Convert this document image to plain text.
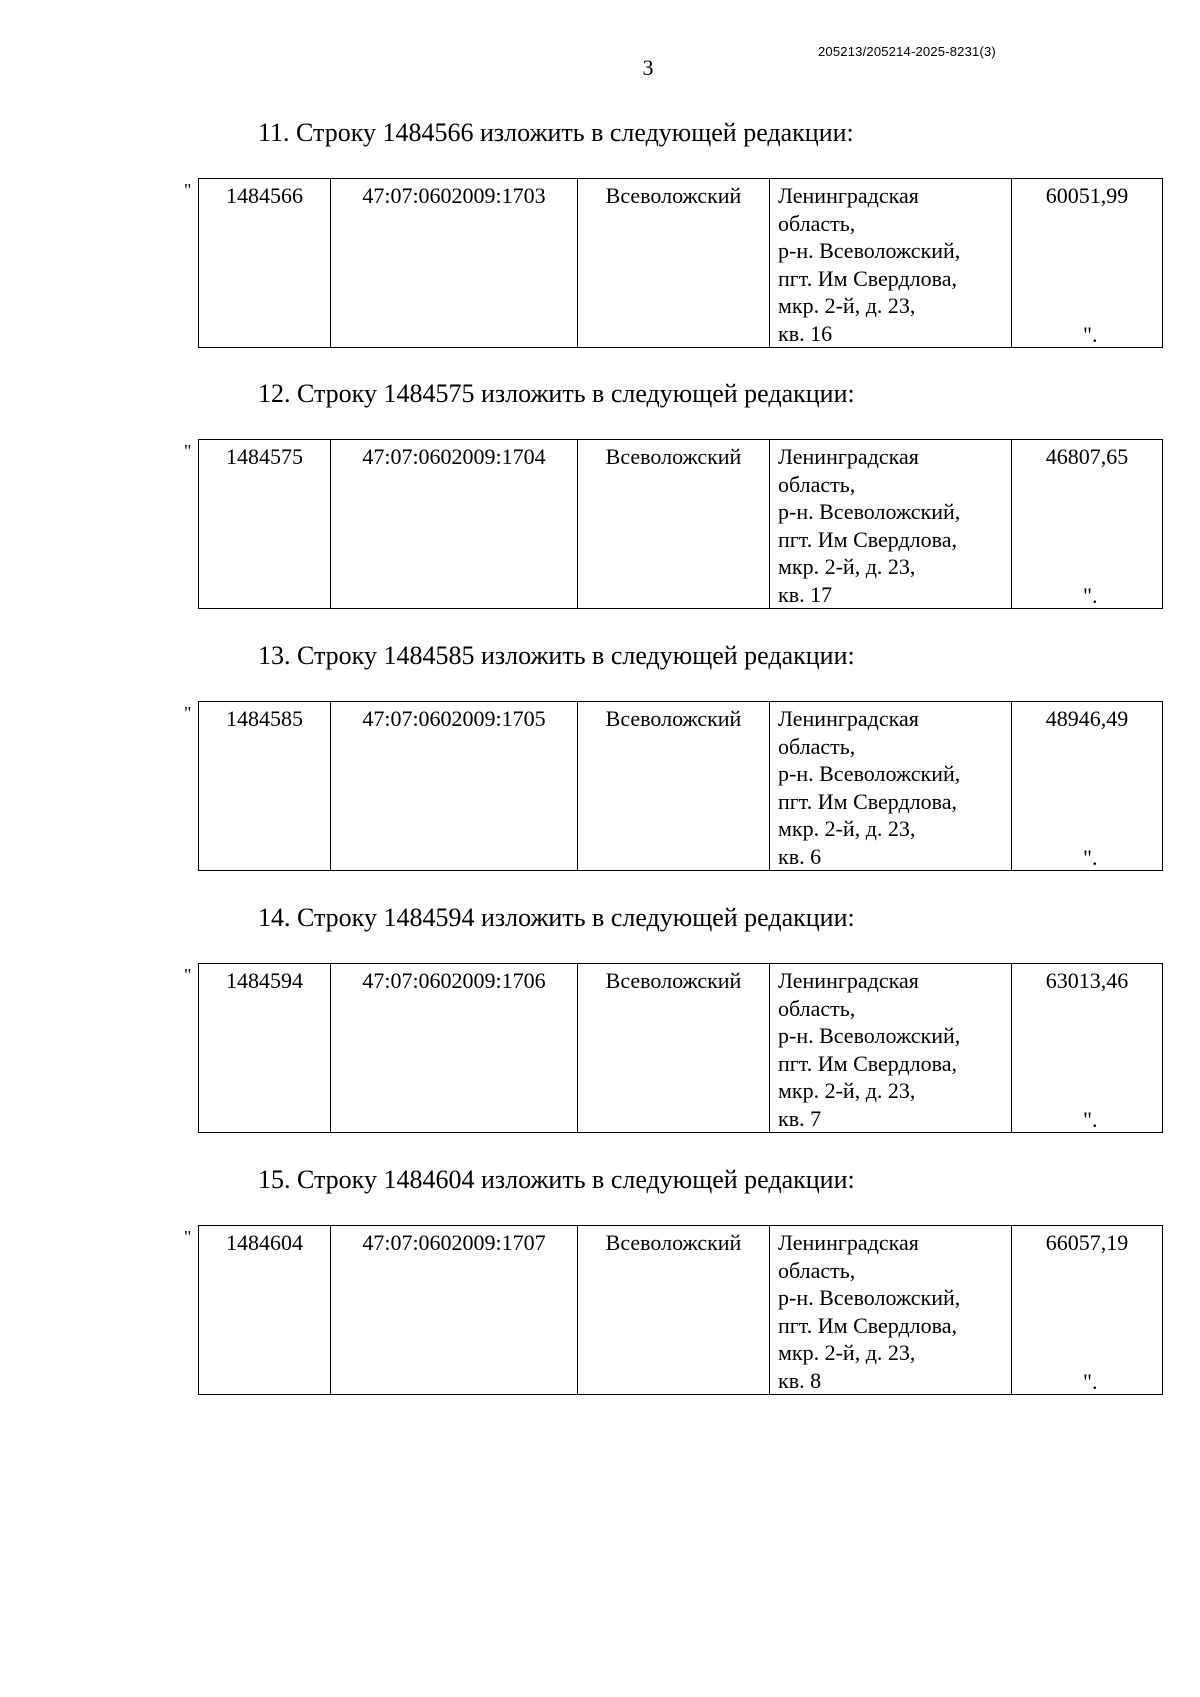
3
205213/205214-2025-8231(3)
11. Строку 1484566 изложить в следующей редакции:
" 1484566	47:07:0602009:1703	Всеволожский	Ленинградская
область,
р-н. Всеволожский,
пгт. Им Свердлова,
мкр. 2-й, д. 23,
кв. 16
	60051,99
".
12. Строку 1484575 изложить в следующей редакции:
" 1484575	47:07:0602009:1704	Всеволожский	Ленинградская
область,
р-н. Всеволожский,
пгт. Им Свердлова,
мкр. 2-й, д. 23,
кв. 17
	46807,65
".
13. Строку 1484585 изложить в следующей редакции:
" 1484585	47:07:0602009:1705	Всеволожский	Ленинградская
область,
р-н. Всеволожский,
пгт. Им Свердлова,
мкр. 2-й, д. 23,
кв. 6
	48946,49
".
14. Строку 1484594 изложить в следующей редакции:
" 1484594	47:07:0602009:1706	Всеволожский	Ленинградская
область,
р-н. Всеволожский,
пгт. Им Свердлова,
мкр. 2-й, д. 23,
кв. 7
	63013,46
".
15. Строку 1484604 изложить в следующей редакции:
" 1484604	47:07:0602009:1707	Всеволожский	Ленинградская
область,
р-н. Всеволожский,
пгт. Им Свердлова,
мкр. 2-й, д. 23,
кв. 8
	66057,19
".
